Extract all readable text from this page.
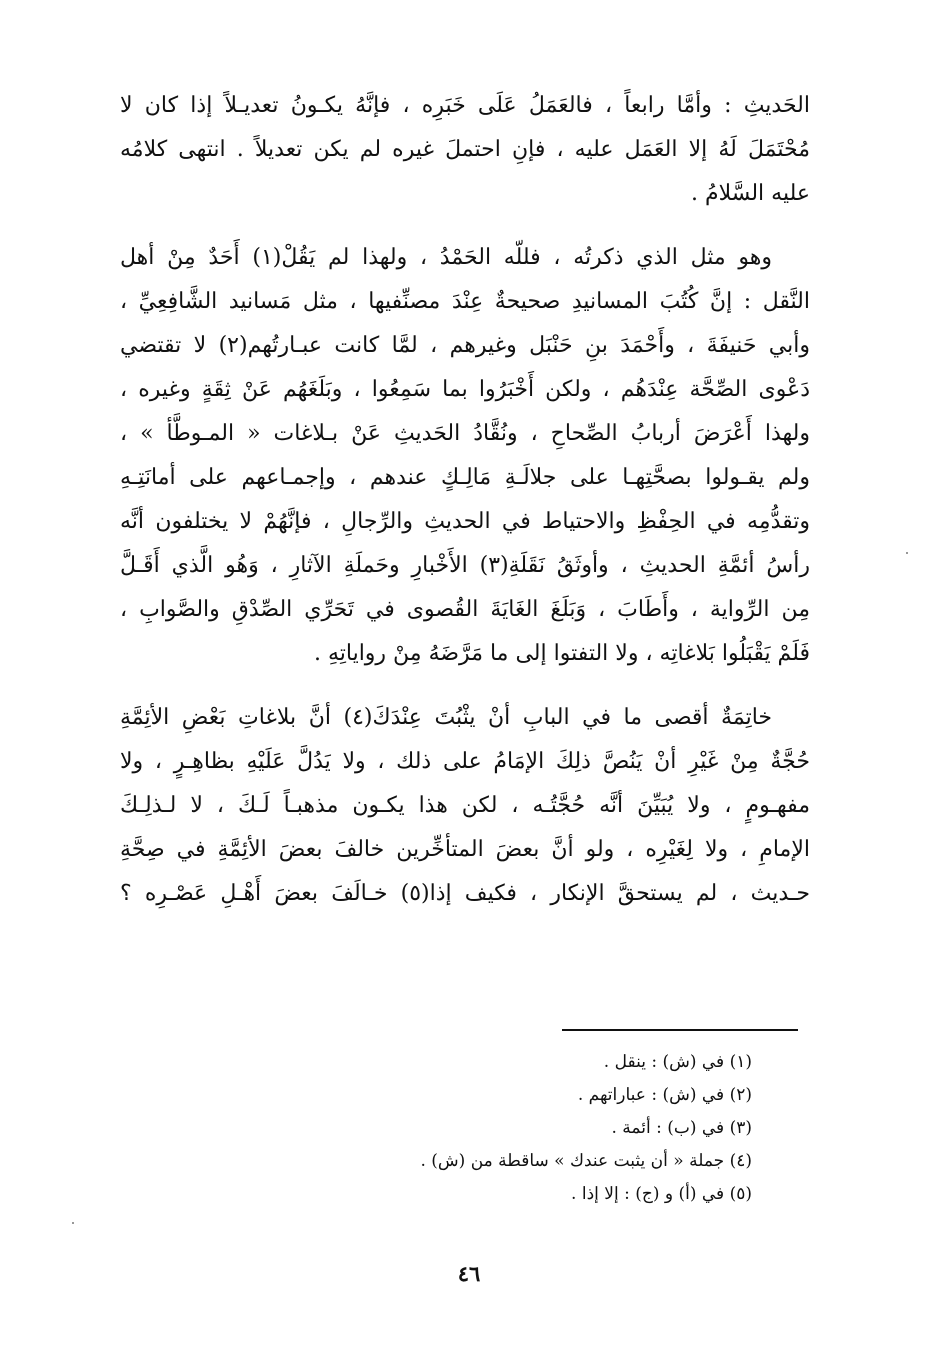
الحَديثِ : وأمَّا رابعاً ، فالعَمَلُ عَلَى خَبَرِه ، فإنَّهُ يكـونُ تعديـلاً إذا كان لا
مُحْتَمَلَ لَهُ إلا العَمَل عليه ، فإنِ احتملَ غيره لم يكن تعديلاً . انتهى كلامُه
عليه السَّلامُ .
وهو مثل الذي ذكرتُه ، فللّه الحَمْدُ ، ولهذا لم يَقُلْ(١) أَحَدٌ مِنْ أهل
النَّقل : إنَّ كُتُبَ المسانيدِ صحيحةٌ عِنْدَ مصنِّفيها ، مثل مَسانيد الشَّافِعِيِّ ،
وأبي حَنيفَةَ ، وأَحْمَدَ بنِ حَنْبَل وغيرهم ، لمَّا كانت عبـارتُهم(٢) لا تقتضي
دَعْوى الصِّحَّة عِنْدَهُم ، ولكن أَخْبَرُوا بما سَمِعُوا ، وبَلَغَهُم عَنْ ثِقَةٍ وغيره ،
ولهذا أَعْرَضَ أربابُ الصِّحاحِ ، ونُقَّادُ الحَديثِ عَنْ بـلاغات « المـوطَّأ » ،
ولم يقـولوا بصحَّتِهـا على جلالَـةِ مَالِـكٍ عندهم ، وإجمـاعهم على أمانَتِـهِ
وتقدُّمِه في الحِفْظِ والاحتياط في الحديثِ والرِّجالِ ، فإنَّهُمْ لا يختلفون أنَّه
رأسُ أئمَّةِ الحديثِ ، وأوثَقُ نَقَلَةِ(٣) الأَخْبارِ وحَملَةِ الآثارِ ، وَهُو الَّذي أَقَـلَّ
مِن الرِّواية ، وأَطَابَ ، وَبَلَغَ الغَايَةَ القُصوى في تَحَرِّي الصِّدْقِ والصَّوابِ ،
فَلَمْ يَقْبَلُوا بَلاغاتِه ، ولا التفتوا إلى ما مَرَّضَهُ مِنْ رواياتِهِ .
خاتِمَةٌ أقصى ما في البابِ أنْ يثْبُتَ عِنْدَكَ(٤) أنَّ بلاغاتِ بَعْضِ الأئِمَّةِ
حُجَّةٌ مِنْ غَيْرِ أنْ يَنُصَّ ذلِكَ الإمَامُ على ذلك ، ولا يَدُلَّ عَلَيْهِ بظاهِـرٍ ، ولا
مفهـومٍ ، ولا يُبَيِّنَ أنَّه حُجَّتُـه ، لكن هذا يكـون مذهبـاً لَـكَ ، لا لـذلِـكَ
الإمامِ ، ولا لِغَيْرِه ، ولو أنَّ بعضَ المتأخِّرين خالفَ بعضَ الأئِمَّةِ في صِحَّةِ
حـديث ، لم يستحقَّ الإنكار ، فكيف إذا(٥) خـالَفَ بعضَ أَهْـلِ عَصْـرِه ؟
(١) في (ش) : ينقل .
(٢) في (ش) : عباراتهم .
(٣) في (ب) : أئمة .
(٤) جملة « أن يثبت عندك » ساقطة من (ش) .
(٥) في (أ) و (ج) : إلا إذا .
٤٦
